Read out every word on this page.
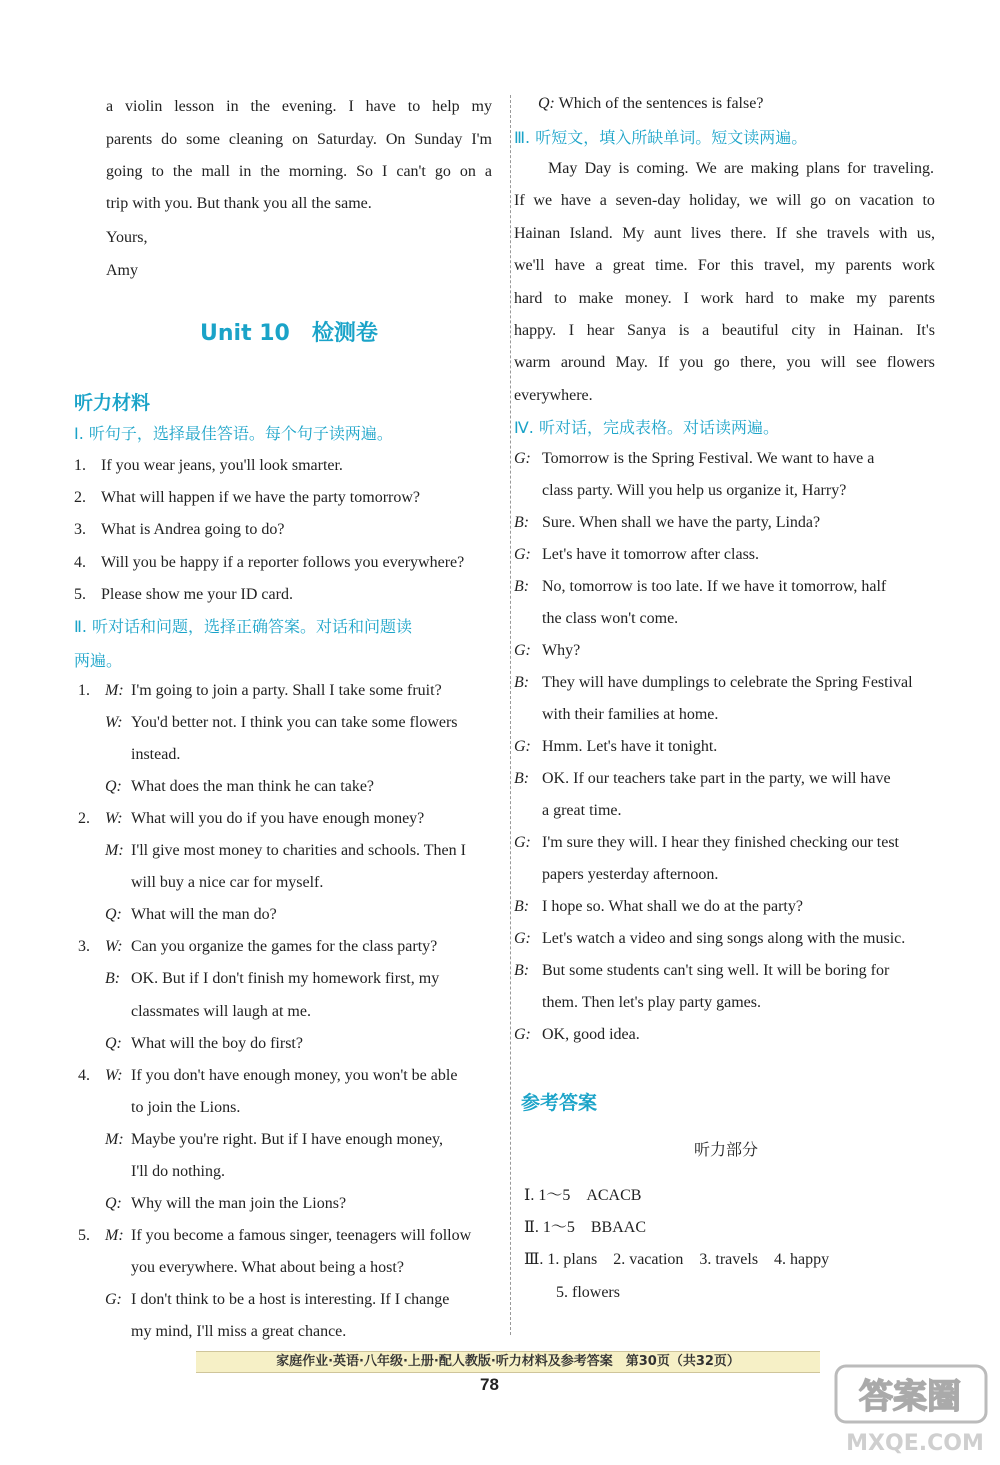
a violin lesson in the evening. I have to help my
parents do some cleaning on Saturday. On Sunday I'm
going to the mall in the morning. So I can't go on a
trip with you. But thank you all the same.
Yours,
Amy
Unit 10　检测卷
听力材料
Ⅰ. 听句子，选择最佳答语。每个句子读两遍。
1. If you wear jeans, you'll look smarter.
2. What will happen if we have the party tomorrow?
3. What is Andrea going to do?
4. Will you be happy if a reporter follows you everywhere?
5. Please show me your ID card.
Ⅱ. 听对话和问题，选择正确答案。对话和问题读
两遍。
1. M: I'm going to join a party. Shall I take some fruit?
W: You'd better not. I think you can take some flowers
instead.
Q: What does the man think he can take?
2. W: What will you do if you have enough money?
M: I'll give most money to charities and schools. Then I
will buy a nice car for myself.
Q: What will the man do?
3. W: Can you organize the games for the class party?
B: OK. But if I don't finish my homework first, my
classmates will laugh at me.
Q: What will the boy do first?
4. W: If you don't have enough money, you won't be able
to join the Lions.
M: Maybe you're right. But if I have enough money,
I'll do nothing.
Q: Why will the man join the Lions?
5. M: If you become a famous singer, teenagers will follow
you everywhere. What about being a host?
G: I don't think to be a host is interesting. If I change
my mind, I'll miss a great chance.
Q: Which of the sentences is false?
Ⅲ. 听短文，填入所缺单词。短文读两遍。
May Day is coming. We are making plans for traveling.
If we have a seven-day holiday, we will go on vacation to
Hainan Island. My aunt lives there. If she travels with us,
we'll have a great time. For this travel, my parents work
hard to make money. I work hard to make my parents
happy. I hear Sanya is a beautiful city in Hainan. It's
warm around May. If you go there, you will see flowers
everywhere.
Ⅳ. 听对话，完成表格。对话读两遍。
G: Tomorrow is the Spring Festival. We want to have a
class party. Will you help us organize it, Harry?
B: Sure. When shall we have the party, Linda?
G: Let's have it tomorrow after class.
B: No, tomorrow is too late. If we have it tomorrow, half
the class won't come.
G: Why?
B: They will have dumplings to celebrate the Spring Festival
with their families at home.
G: Hmm. Let's have it tonight.
B: OK. If our teachers take part in the party, we will have
a great time.
G: I'm sure they will. I hear they finished checking our test
papers yesterday afternoon.
B: I hope so. What shall we do at the party?
G: Let's watch a video and sing songs along with the music.
B: But some students can't sing well. It will be boring for
them. Then let's play party games.
G: OK, good idea.
参考答案
听力部分
Ⅰ. 1～5　ACACB
Ⅱ. 1～5　BBAAC
Ⅲ. 1. plans　2. vacation　3. travels　4. happy
5. flowers
家庭作业·英语·八年级·上册·配人教版·听力材料及参考答案　第30页（共32页）
78	答案圈
MXQE.COM
